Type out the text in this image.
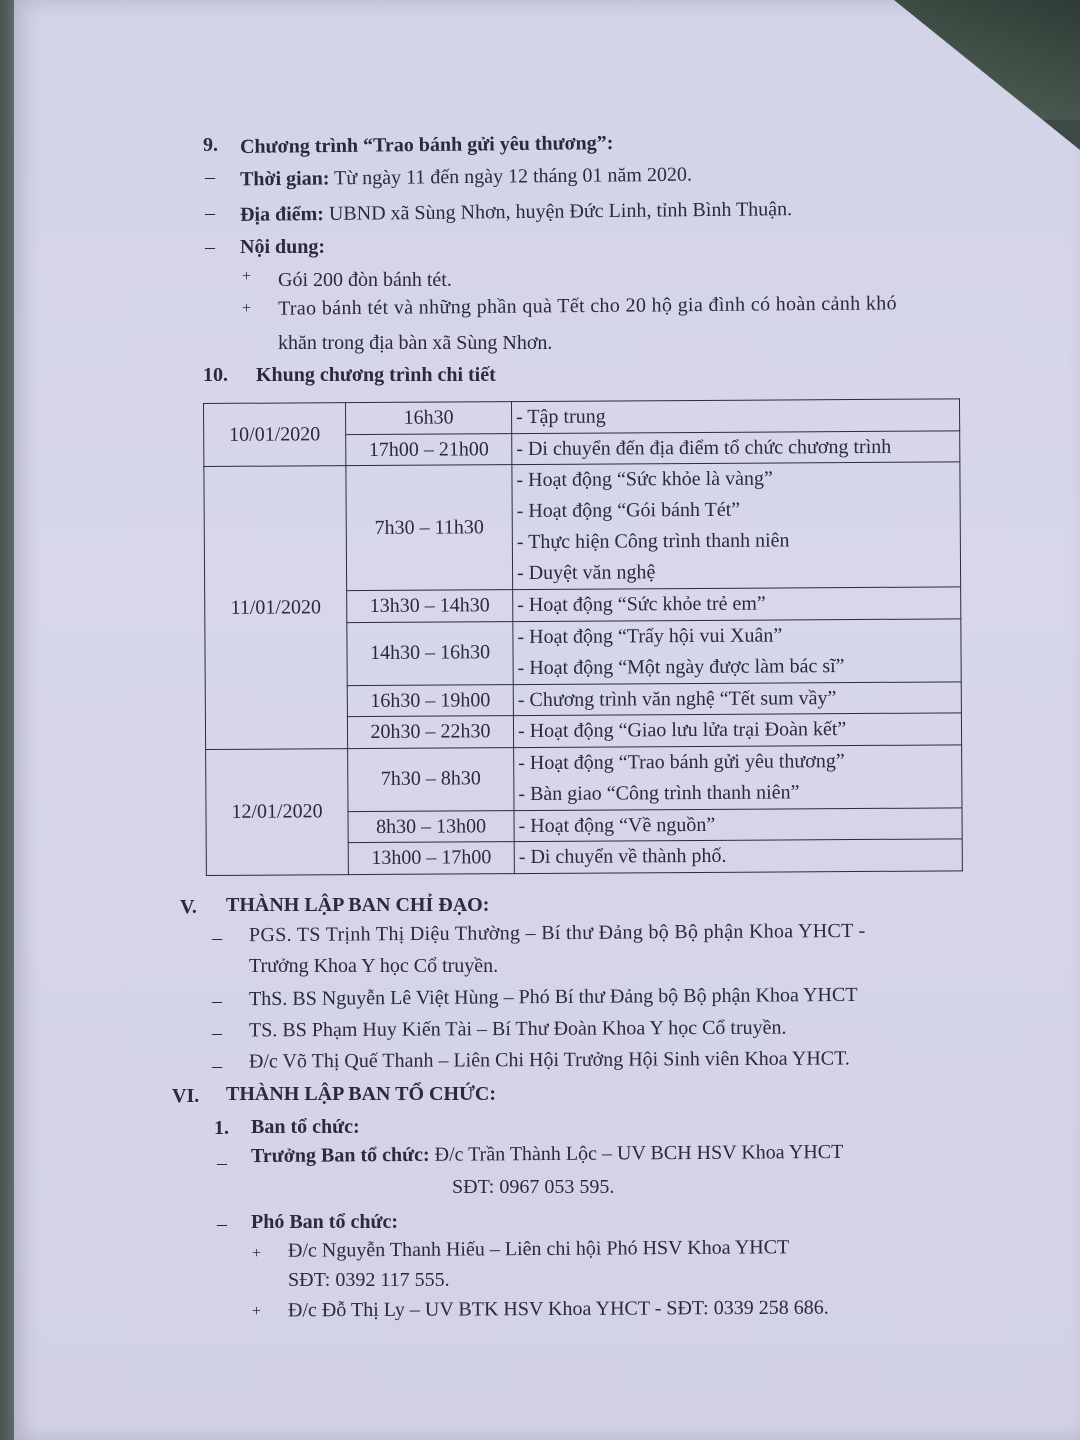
9. Chương trình “Trao bánh gửi yêu thương”:
– Thời gian: Từ ngày 11 đến ngày 12 tháng 01 năm 2020.
– Địa điểm: UBND xã Sùng Nhơn, huyện Đức Linh, tỉnh Bình Thuận.
– Nội dung:
+ Gói 200 đòn bánh tét.
+ Trao bánh tét và những phần quà Tết cho 20 hộ gia đình có hoàn cảnh khó
khăn trong địa bàn xã Sùng Nhơn.
10. Khung chương trình chi tiết
10/01/2020	16h30	- Tập trung
	17h00 – 21h00	- Di chuyển đến địa điểm tổ chức chương trình
11/01/2020	7h30 – 11h30	- Hoạt động “Sức khỏe là vàng”
- Hoạt động “Gói bánh Tét”
- Thực hiện Công trình thanh niên
- Duyệt văn nghệ

	13h30 – 14h30	- Hoạt động “Sức khỏe trẻ em”
	14h30 – 16h30	- Hoạt động “Trẩy hội vui Xuân”
- Hoạt động “Một ngày được làm bác sĩ”

	16h30 – 19h00	- Chương trình văn nghệ “Tết sum vầy”
	20h30 – 22h30	- Hoạt động “Giao lưu lửa trại Đoàn kết”
12/01/2020	7h30 – 8h30	- Hoạt động “Trao bánh gửi yêu thương”
- Bàn giao “Công trình thanh niên”

	8h30 – 13h00	- Hoạt động “Về nguồn”
	13h00 – 17h00	- Di chuyển về thành phố.
V. THÀNH LẬP BAN CHỈ ĐẠO:
– PGS. TS Trịnh Thị Diệu Thường – Bí thư Đảng bộ Bộ phận Khoa YHCT -
Trưởng Khoa Y học Cổ truyền.
– ThS. BS Nguyễn Lê Việt Hùng – Phó Bí thư Đảng bộ Bộ phận Khoa YHCT
– TS. BS Phạm Huy Kiến Tài – Bí Thư Đoàn Khoa Y học Cổ truyền.
– Đ/c Võ Thị Quế Thanh – Liên Chi Hội Trưởng Hội Sinh viên Khoa YHCT.
VI. THÀNH LẬP BAN TỔ CHỨC:
1. Ban tổ chức:
– Trưởng Ban tổ chức: Đ/c Trần Thành Lộc – UV BCH HSV Khoa YHCT
SĐT: 0967 053 595.
– Phó Ban tổ chức:
+ Đ/c Nguyễn Thanh Hiếu – Liên chi hội Phó HSV Khoa YHCT
SĐT: 0392 117 555.
+ Đ/c Đỗ Thị Ly – UV BTK HSV Khoa YHCT - SĐT: 0339 258 686.
